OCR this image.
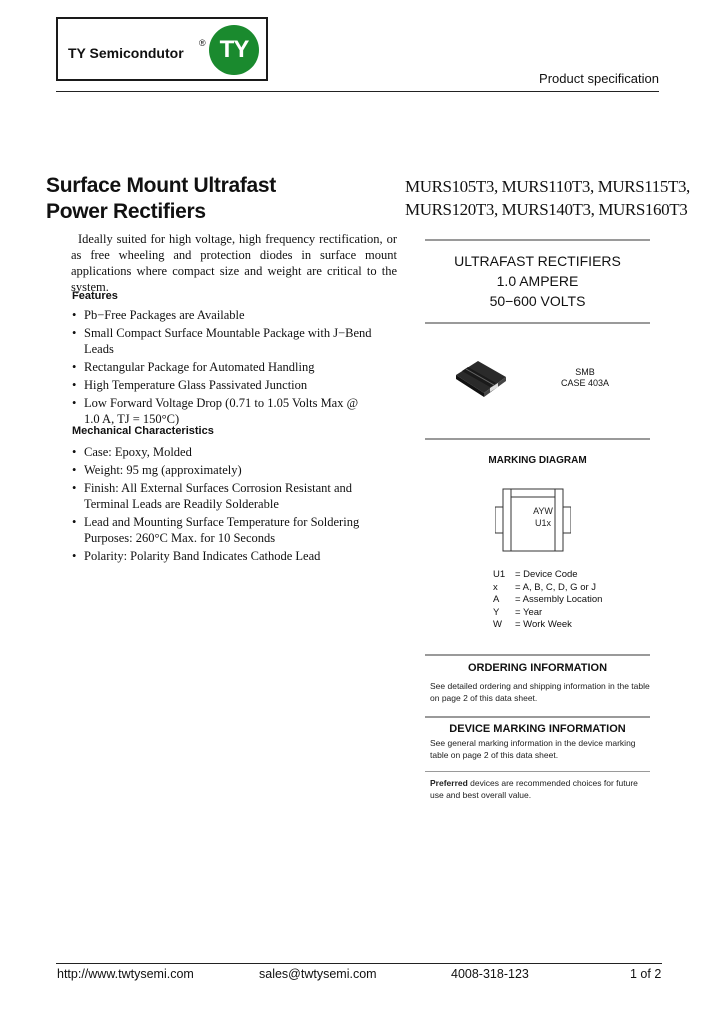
TY Semicondutor
® TY
Product specification
Surface Mount Ultrafast
Power Rectifiers
MURS105T3, MURS110T3, MURS115T3,
MURS120T3, MURS140T3, MURS160T3
Ideally suited for high voltage, high frequency rectification, or as free wheeling and protection diodes in surface mount applications where compact size and weight are critical to the system.
Features
• Pb−Free Packages are Available
• Small Compact Surface Mountable Package with J−Bend Leads
• Rectangular Package for Automated Handling
• High Temperature Glass Passivated Junction
• Low Forward Voltage Drop (0.71 to 1.05 Volts Max @ 1.0 A, TJ = 150°C)
Mechanical Characteristics
• Case: Epoxy, Molded
• Weight: 95 mg (approximately)
• Finish: All External Surfaces Corrosion Resistant and Terminal Leads are Readily Solderable
• Lead and Mounting Surface Temperature for Soldering Purposes: 260°C Max. for 10 Seconds
• Polarity: Polarity Band Indicates Cathode Lead
ULTRAFAST RECTIFIERS
1.0 AMPERE
50−600 VOLTS
SMB
CASE 403A
MARKING DIAGRAM
AYW
U1x
U1	= Device Code
x	= A, B, C, D, G or J
A	= Assembly Location
Y	= Year
W	= Work Week
ORDERING INFORMATION
See detailed ordering and shipping information in the table on page 2 of this data sheet.
DEVICE MARKING INFORMATION
See general marking information in the device marking table on page 2 of this data sheet.
Preferred devices are recommended choices for future use and best overall value.
http://www.twtysemi.com	sales@twtysemi.com	4008-318-123	1 of 2
